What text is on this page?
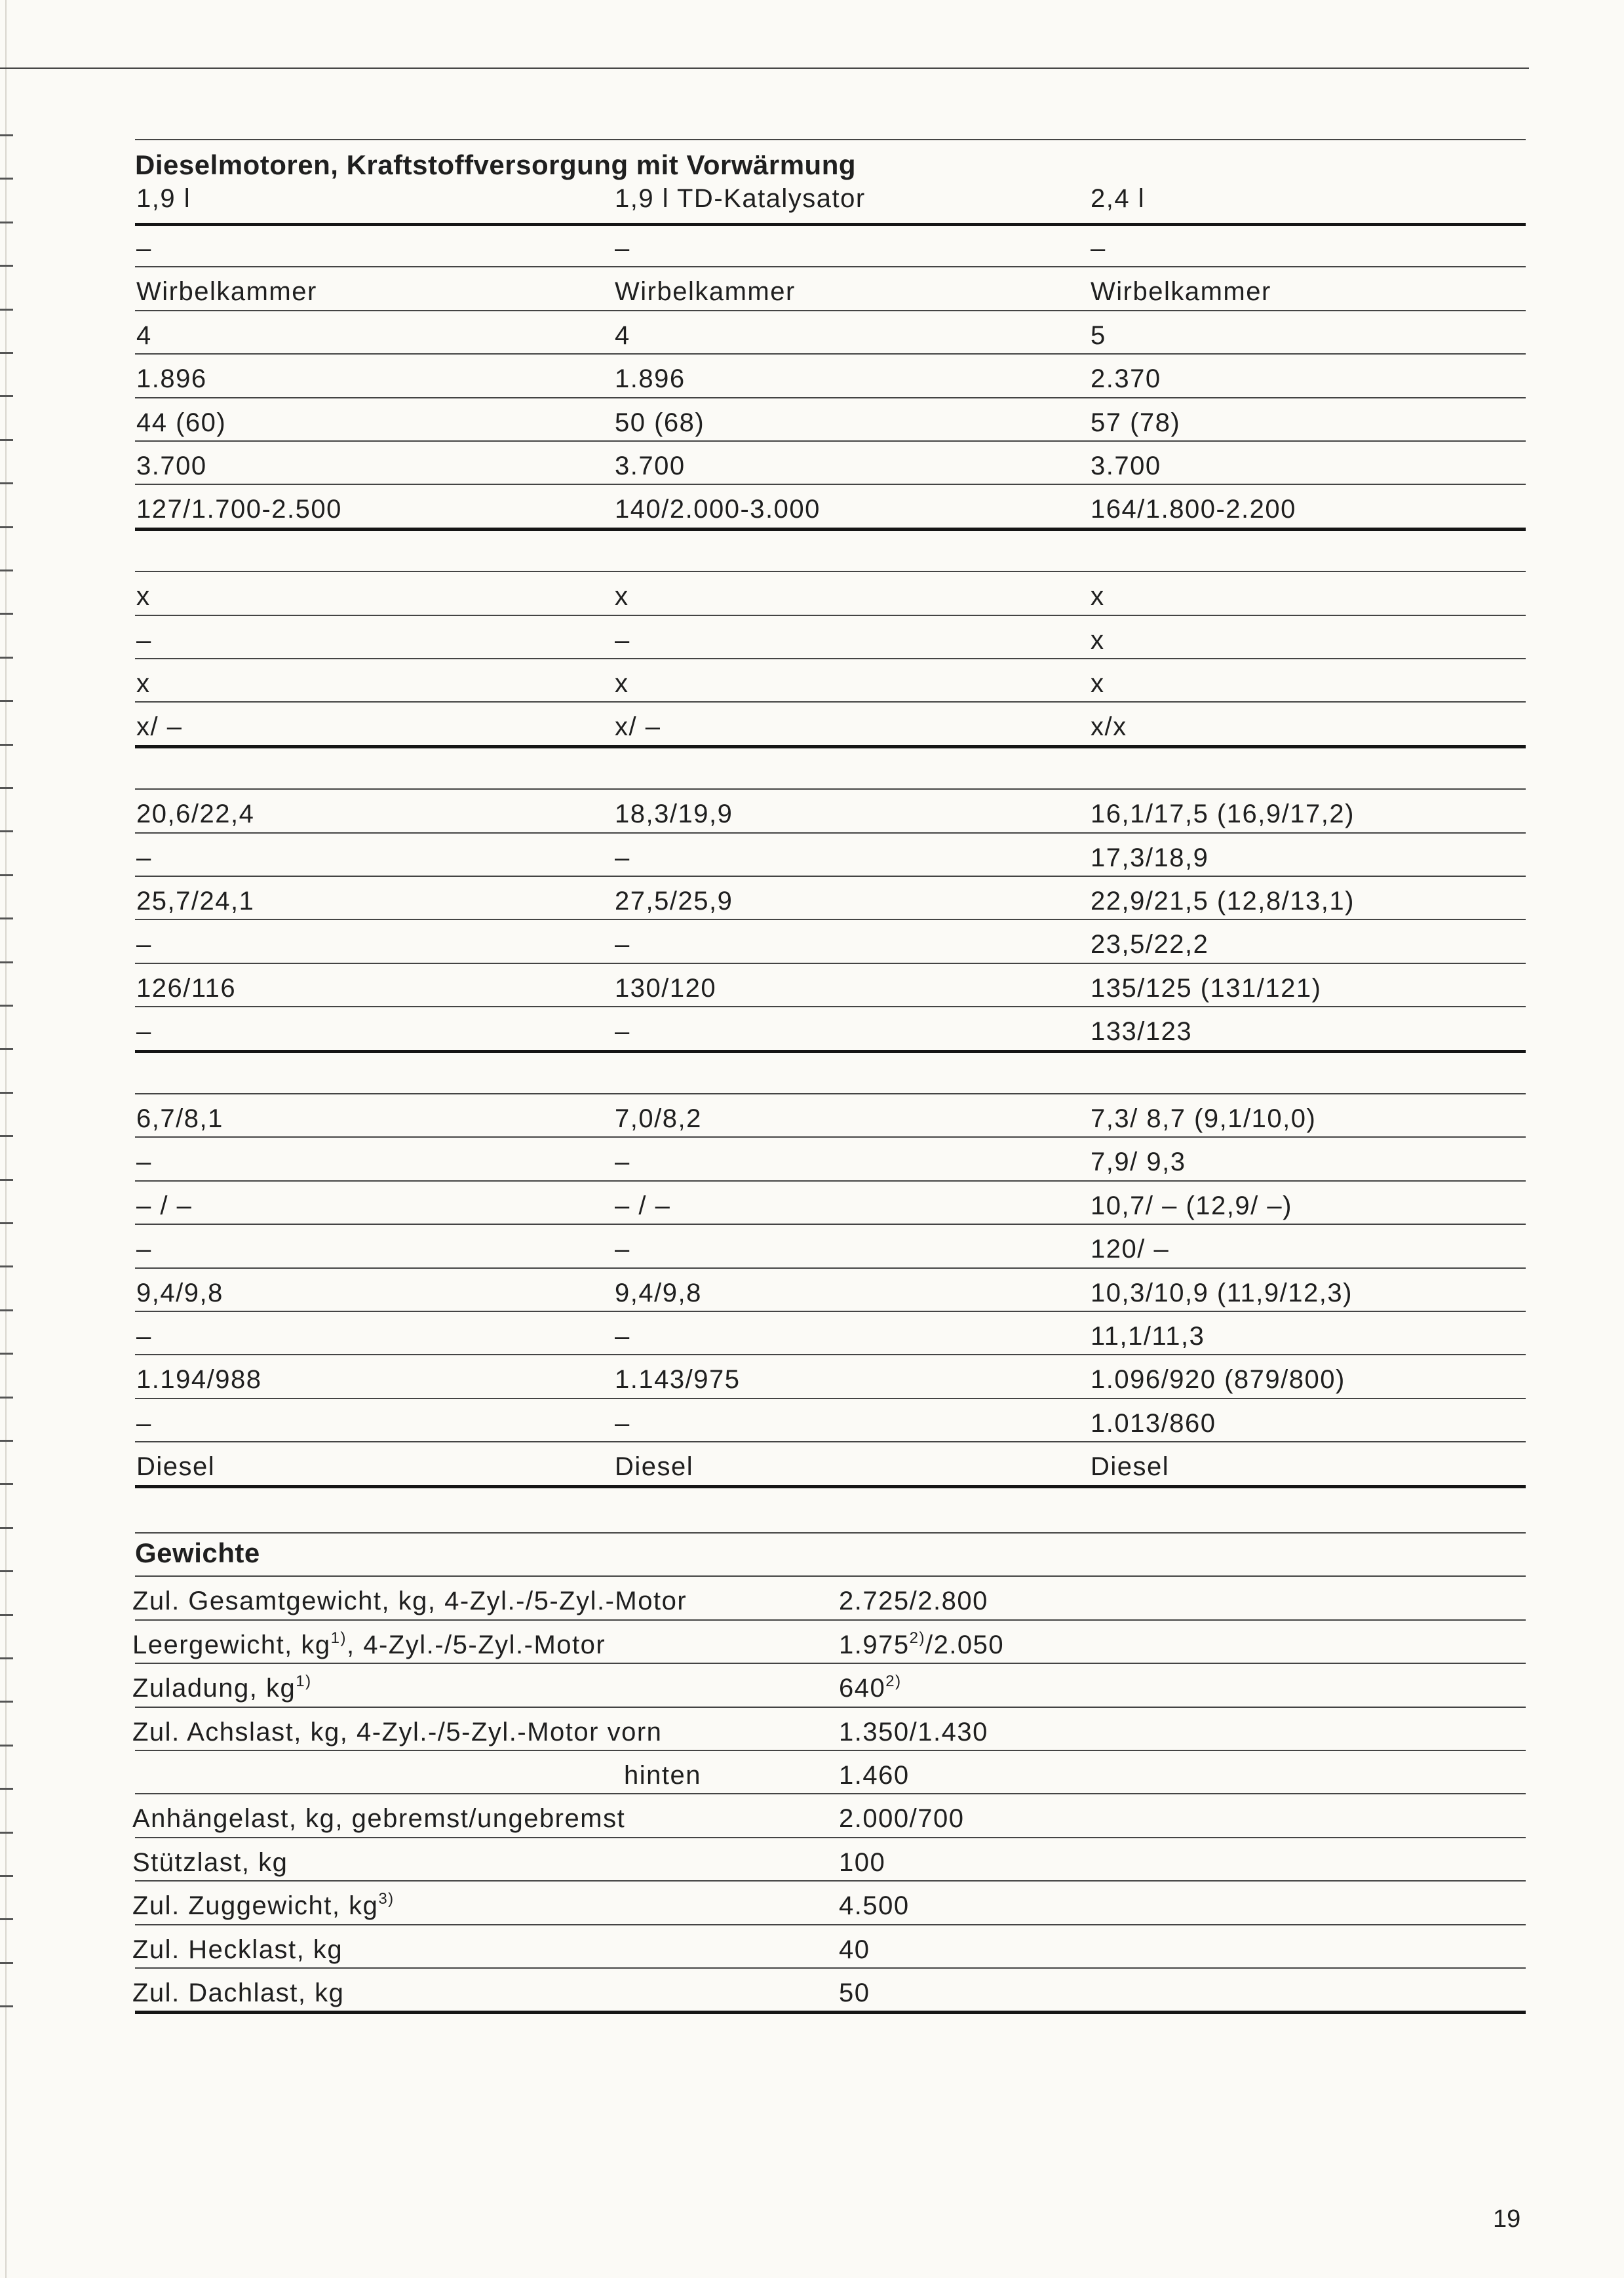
Dieselmotoren, Kraftstoffversorgung mit Vorwärmung
Gewichte
19
1,9 l	1,9 l TD-Katalysator	2,4 l
–	–	–
Wirbelkammer	Wirbelkammer	Wirbelkammer
4	4	5
1.896	1.896	2.370
44 (60)	50 (68)	57 (78)
3.700	3.700	3.700
127/1.700-2.500	140/2.000-3.000	164/1.800-2.200
x	x	x
–	–	x
x	x	x
x/ –	x/ –	x/x
20,6/22,4	18,3/19,9	16,1/17,5 (16,9/17,2)
–	–	17,3/18,9
25,7/24,1	27,5/25,9	22,9/21,5 (12,8/13,1)
–	–	23,5/22,2
126/116	130/120	135/125 (131/121)
–	–	133/123
6,7/8,1	7,0/8,2	7,3/ 8,7 (9,1/10,0)
–	–	7,9/ 9,3
– / –	– / –	10,7/ – (12,9/ –)
–	–	120/ –
9,4/9,8	9,4/9,8	10,3/10,9 (11,9/12,3)
–	–	11,1/11,3
1.194/988	1.143/975	1.096/920 (879/800)
–	–	1.013/860
Diesel	Diesel	Diesel
Zul. Gesamtgewicht, kg, 4-Zyl.-/5-Zyl.-Motor	2.725/2.800
Leergewicht, $kg^{1)}$, 4-Zyl.-/5-Zyl.-Motor	1.975$^{2)}$/2.050
Zuladung, $kg^{1)}$	640$^{2)}$
Zul. Achslast, kg, 4-Zyl.-/5-Zyl.-Motor vorn	1.350/1.430
hinten	1.460
Anhängelast, kg, gebremst/ungebremst	2.000/700
Stützlast, kg	100
Zul. Zuggewicht, $kg^{3)}$	4.500
Zul. Hecklast, kg	40
Zul. Dachlast, kg	50
